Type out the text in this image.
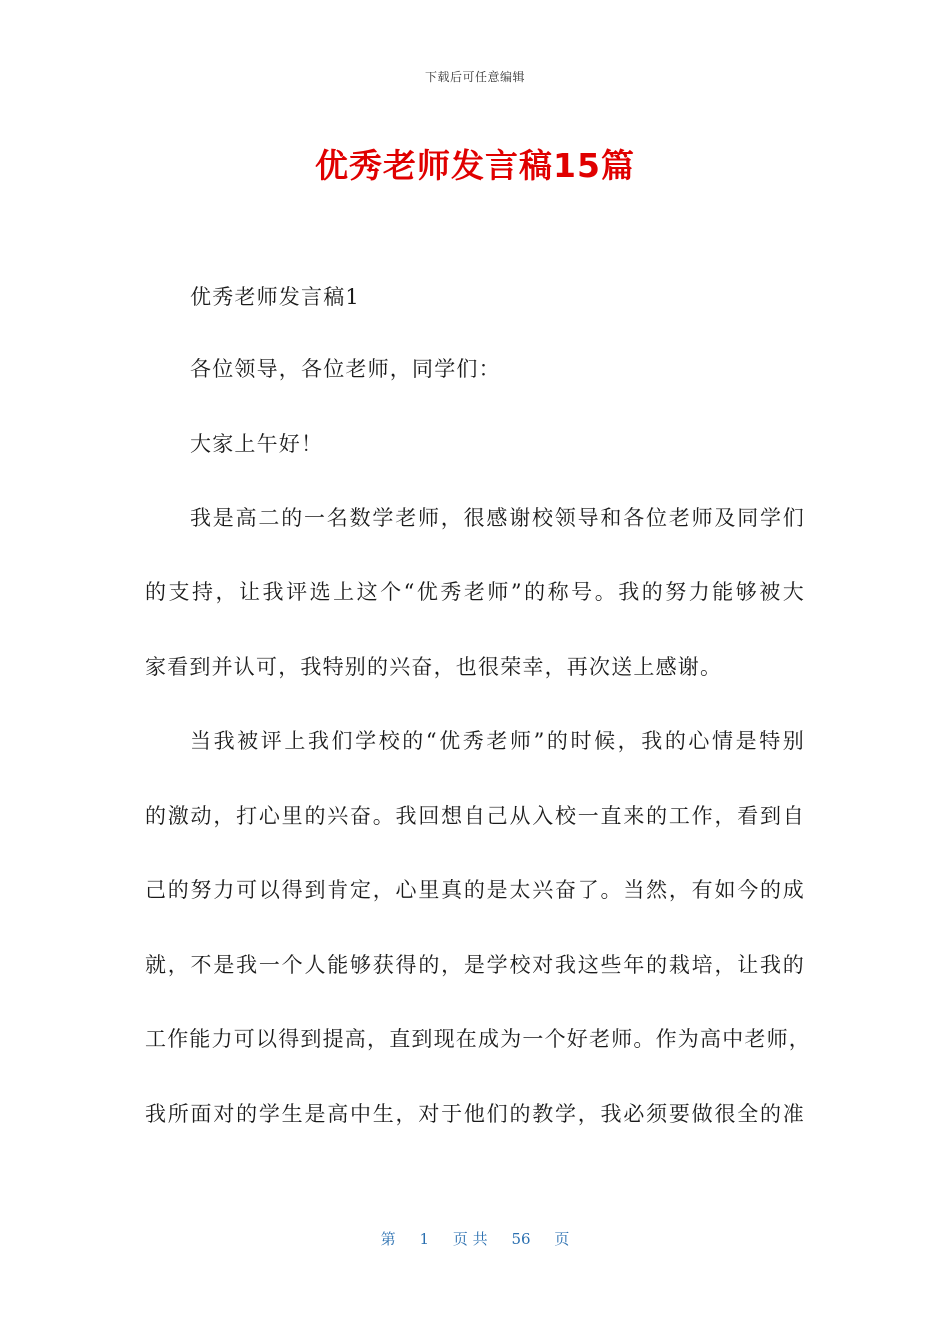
下载后可任意编辑
优秀老师发言稿15篇
优秀老师发言稿1
各位领导，各位老师，同学们：
大家上午好！
我是高二的一名数学老师，很感谢校领导和各位老师及同学们
的支持，让我评选上这个“优秀老师”的称号。我的努力能够被大
家看到并认可，我特别的兴奋，也很荣幸，再次送上感谢。
当我被评上我们学校的“优秀老师”的时候，我的心情是特别
的激动，打心里的兴奋。我回想自己从入校一直来的工作，看到自
己的努力可以得到肯定，心里真的是太兴奋了。当然，有如今的成
就，不是我一个人能够获得的，是学校对我这些年的栽培，让我的
工作能力可以得到提高，直到现在成为一个好老师。作为高中老师，
我所面对的学生是高中生，对于他们的教学，我必须要做很全的准
第 1 页 共 56 页
